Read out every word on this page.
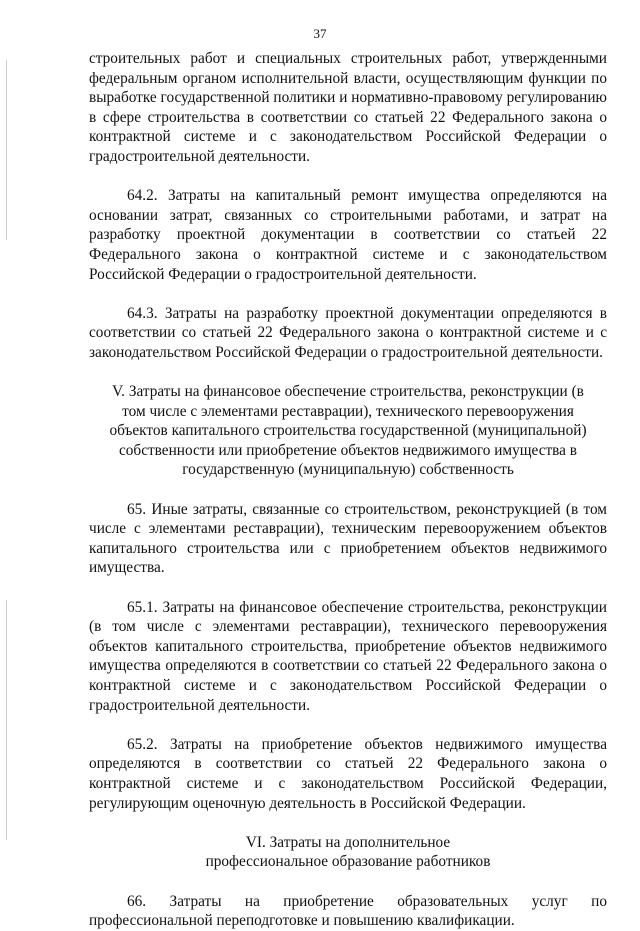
37

строительных работ и специальных строительных работ, утвержденными федеральным органом исполнительной власти, осуществляющим функции по выработке государственной политики и нормативно-правовому регулированию в сфере строительства в соответствии со статьей 22 Федерального закона о контрактной системе и с законодательством Российской Федерации о градостроительной деятельности.

64.2. Затраты на капитальный ремонт имущества определяются на основании затрат, связанных со строительными работами, и затрат на разработку проектной документации в соответствии со статьей 22 Федерального закона о контрактной системе и с законодательством Российской Федерации о градостроительной деятельности.

64.3. Затраты на разработку проектной документации определяются в соответствии со статьей 22 Федерального закона о контрактной системе и с законодательством Российской Федерации о градостроительной деятельности.

V. Затраты на финансовое обеспечение строительства, реконструкции (в том числе с элементами реставрации), технического перевооружения объектов капитального строительства государственной (муниципальной) собственности или приобретение объектов недвижимого имущества в государственную (муниципальную) собственность

65. Иные затраты, связанные со строительством, реконструкцией (в том числе с элементами реставрации), техническим перевооружением объектов капитального строительства или с приобретением объектов недвижимого имущества.

65.1. Затраты на финансовое обеспечение строительства, реконструкции (в том числе с элементами реставрации), технического перевооружения объектов капитального строительства, приобретение объектов недвижимого имущества определяются в соответствии со статьей 22 Федерального закона о контрактной системе и с законодательством Российской Федерации о градостроительной деятельности.

65.2. Затраты на приобретение объектов недвижимого имущества определяются в соответствии со статьей 22 Федерального закона о контрактной системе и с законодательством Российской Федерации, регулирующим оценочную деятельность в Российской Федерации.

VI. Затраты на дополнительное
профессиональное образование работников

66. Затраты на приобретение образовательных услуг по профессиональной переподготовке и повышению квалификации.
